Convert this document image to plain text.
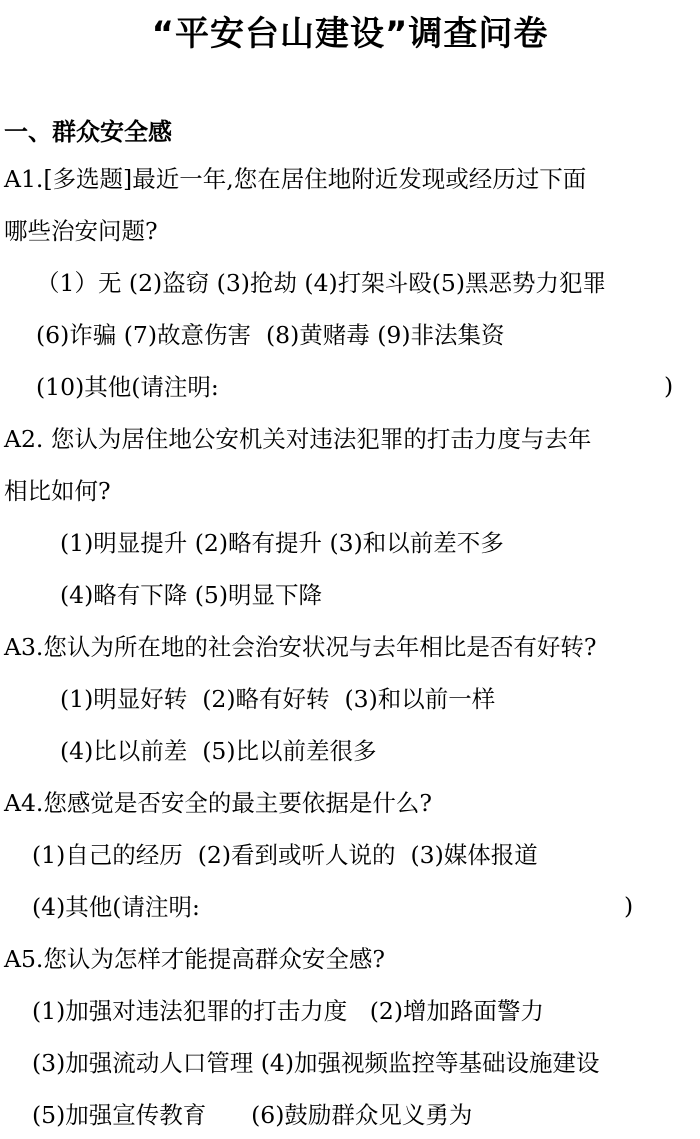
“平安台山建设”调查问卷
一、群众安全感
A1.[多选题]最近一年,您在居住地附近发现或经历过下面
哪些治安问题?
（1）无 (2)盗窃 (3)抢劫 (4)打架斗殴(5)黑恶势力犯罪
(6)诈骗 (7)故意伤害  (8)黄赌毒 (9)非法集资
(10)其他(请注明:	)
A2. 您认为居住地公安机关对违法犯罪的打击力度与去年
相比如何?
(1)明显提升 (2)略有提升 (3)和以前差不多
(4)略有下降 (5)明显下降
A3.您认为所在地的社会治安状况与去年相比是否有好转?
(1)明显好转  (2)略有好转  (3)和以前一样
(4)比以前差  (5)比以前差很多
A4.您感觉是否安全的最主要依据是什么?
(1)自己的经历  (2)看到或听人说的  (3)媒体报道
(4)其他(请注明:	)
A5.您认为怎样才能提高群众安全感?
(1)加强对违法犯罪的打击力度   (2)增加路面警力
(3)加强流动人口管理 (4)加强视频监控等基础设施建设
(5)加强宣传教育      (6)鼓励群众见义勇为
